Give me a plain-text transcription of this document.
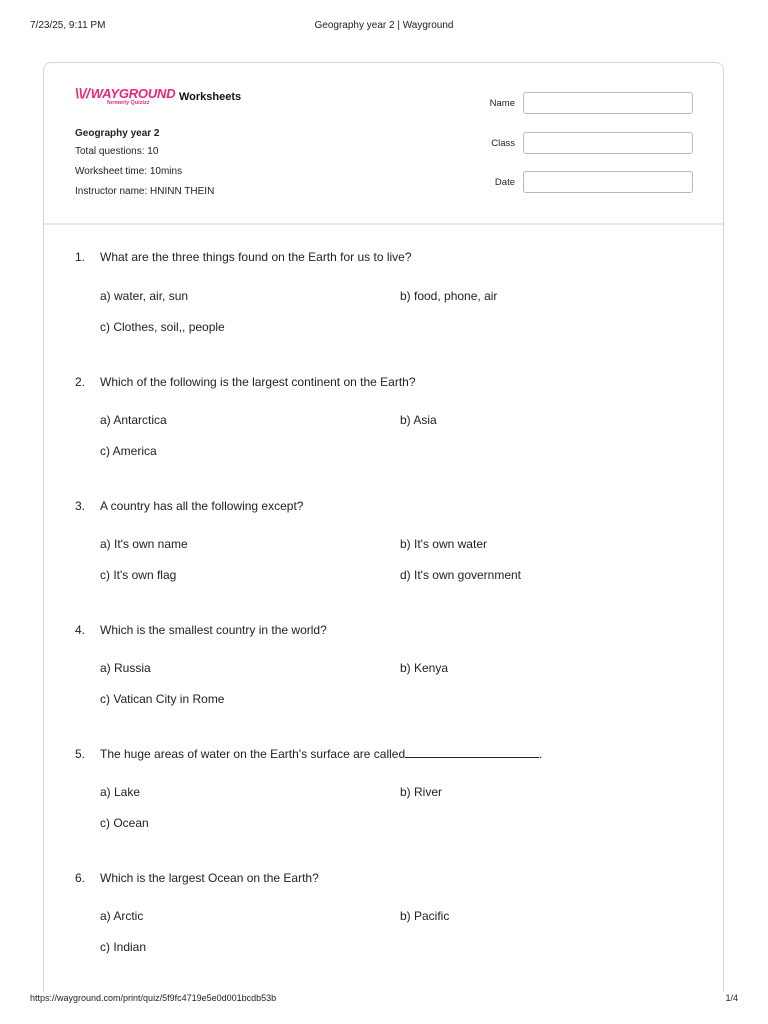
7/23/25, 9:11 PM	Geography year 2 | Wayground
\\//WAYGROUND
formerly Quizizz	Worksheets
Geography year 2
Total questions: 10
Worksheet time: 10mins
Instructor name: HNINN THEIN
Name
Class
Date
1. What are the three things found on the Earth for us to live?
a) water, air, sun	b) food, phone, air
c) Clothes, soil,, people
2. Which of the following is the largest continent on the Earth?
a) Antarctica	b) Asia
c) America
3. A country has all the following except?
a) It's own name	b) It's own water
c) It's own flag	d) It's own government
4. Which is the smallest country in the world?
a) Russia	b) Kenya
c) Vatican City in Rome
5. The huge areas of water on the Earth's surface are called	.
a) Lake	b) River
c) Ocean
6. Which is the largest Ocean on the Earth?
a) Arctic	b) Pacific
c) Indian
https://wayground.com/print/quiz/5f9fc4719e5e0d001bcdb53b	1/4
